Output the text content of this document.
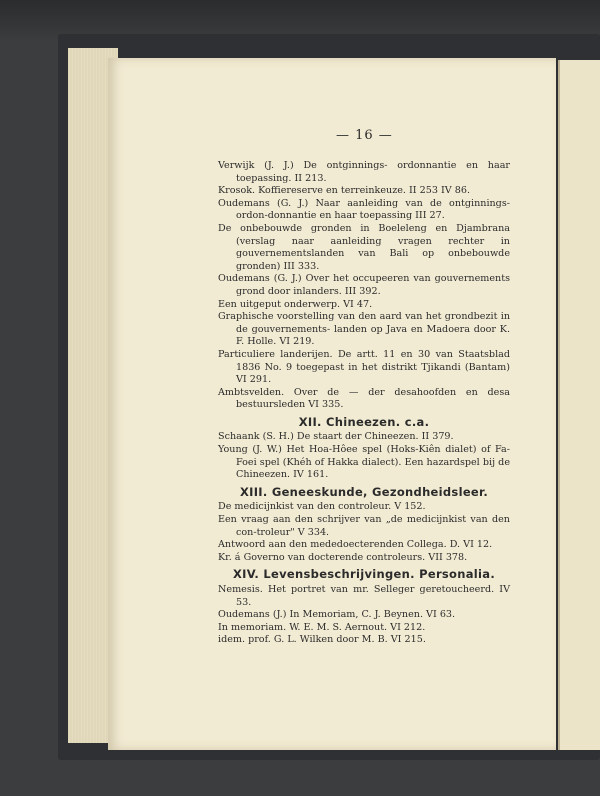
— 16 —
Verwijk (J. J.) De ontginnings- ordonnantie en haar toepassing. II 213.
Krosok. Koffiereserve en terreinkeuze. II 253 IV 86.
Oudemans (G. J.) Naar aanleiding van de ontginnings- ordon-donnantie en haar toepassing III 27.
De onbebouwde gronden in Boeleleng en Djambrana (verslag naar aanleiding vragen rechter in gouvernementslanden van Bali op onbebouwde gronden) III 333.
Oudemans (G. J.) Over het occupeeren van gouvernements grond door inlanders. III 392.
Een uitgeput onderwerp. VI 47.
Graphische voorstelling van den aard van het grondbezit in de gouvernements- landen op Java en Madoera door K. F. Holle. VI 219.
Particuliere landerijen. De artt. 11 en 30 van Staatsblad 1836 No. 9 toegepast in het distrikt Tjikandi (Bantam) VI 291.
Ambtsvelden. Over de — der desahoofden en desa bestuursleden VI 335.
XII. Chineezen. c.a.
Schaank (S. H.) De staart der Chineezen. II 379.
Young (J. W.) Het Hoa-Hôee spel (Hoks-Kiên dialet) of Fa-Foei spel (Khéh of Hakka dialect). Een hazardspel bij de Chineezen. IV 161.
XIII. Geneeskunde, Gezondheidsleer.
De medicijnkist van den controleur. V 152.
Een vraag aan den schrijver van „de medicijnkist van den con-troleur" V 334.
Antwoord aan den mededoecterenden Collega. D. VI 12.
Kr. á Governo van docterende controleurs. VII 378.
XIV. Levensbeschrijvingen. Personalia.
Nemesis. Het portret van mr. Selleger geretoucheerd. IV 53.
Oudemans (J.) In Memoriam, C. J. Beynen. VI 63.
In memoriam. W. E. M. S. Aernout. VI 212.
idem. prof. G. L. Wilken door M. B. VI 215.
